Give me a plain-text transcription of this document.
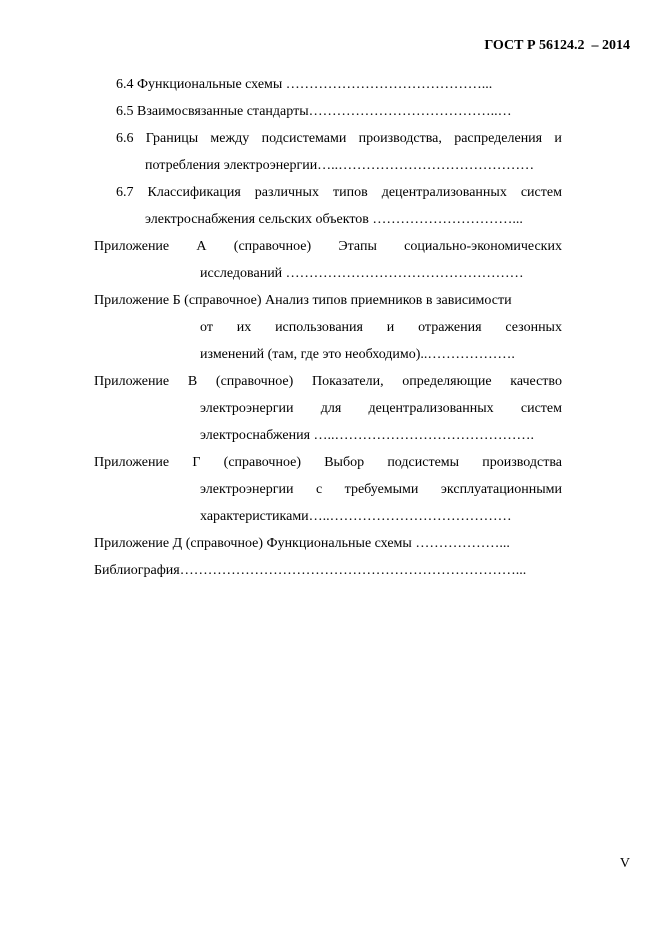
ГОСТ Р 56124.2  – 2014
6.4 Функциональные схемы ……………………………………...
6.5 Взаимосвязанные стандарты…………………………………..…
6.6 Границы между подсистемами производства, распределения и
потребления электроэнергии…..……………………………………
6.7 Классификация различных типов децентрализованных систем
электроснабжения сельских объектов …………………………...
Приложение А (справочное) Этапы социально-экономических
исследований ……………………………………………
Приложение Б (справочное) Анализ типов приемников в зависимости
от их использования и отражения сезонных
изменений (там, где это необходимо)..……………….
Приложение В (справочное) Показатели, определяющие качество
электроэнергии для децентрализованных систем
электроснабжения …..…………………………………….
Приложение Г (справочное) Выбор подсистемы производства
электроэнергии с требуемыми эксплуатационными
характеристиками…..…………………………………
Приложение Д (справочное) Функциональные схемы ………………...
Библиография………………………………………………………………...
V
